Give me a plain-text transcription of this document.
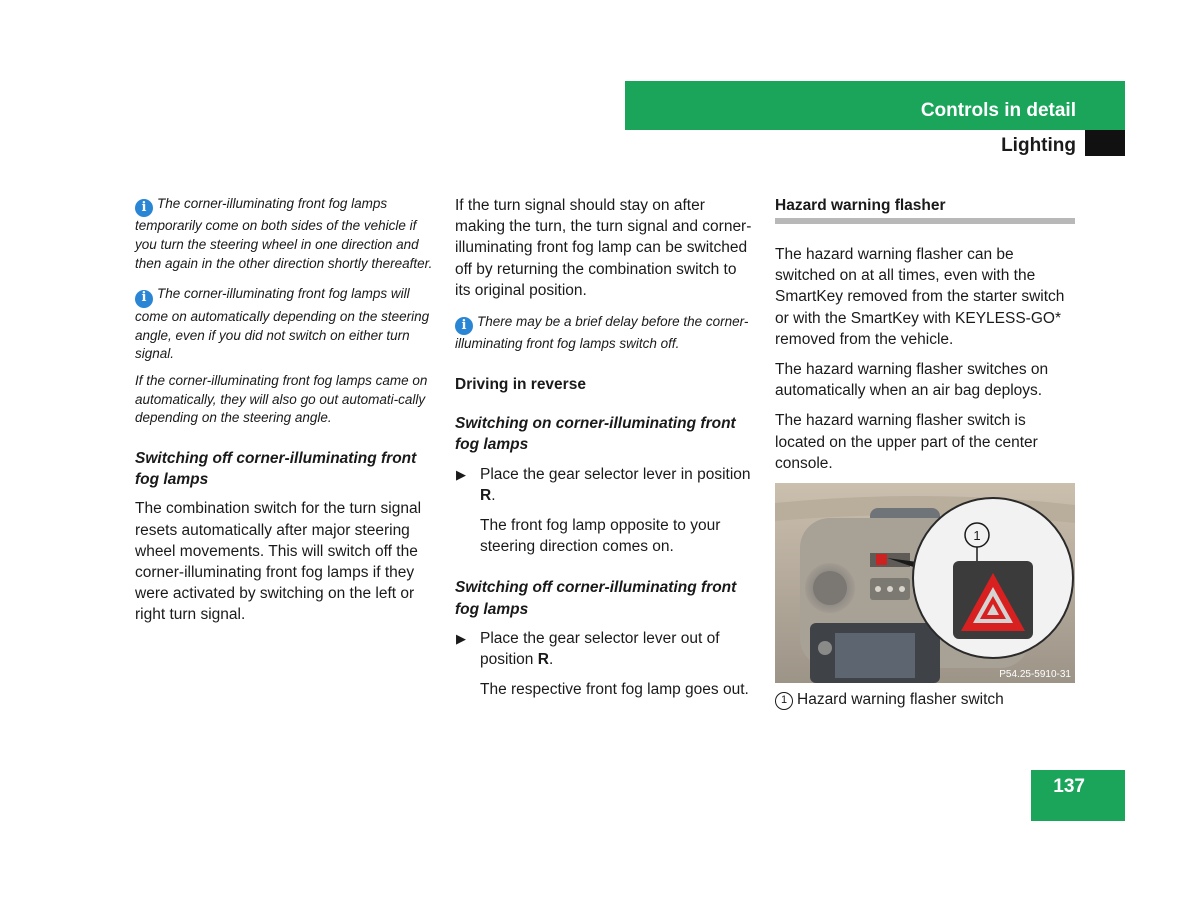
Controls in detail
Lighting

i The corner-illuminating front fog lamps temporarily come on both sides of the vehicle if you turn the steering wheel in one direction and then again in the other direction shortly thereafter.

i The corner-illuminating front fog lamps will come on automatically depending on the steering angle, even if you did not switch on either turn signal.

If the corner-illuminating front fog lamps came on automatically, they will also go out automati-cally depending on the steering angle.

Switching off corner-illuminating front fog lamps

The combination switch for the turn signal resets automatically after major steering wheel movements. This will switch off the corner-illuminating front fog lamps if they were activated by switching on the left or right turn signal.

If the turn signal should stay on after making the turn, the turn signal and corner-illuminating front fog lamp can be switched off by returning the combination switch to its original position.

i There may be a brief delay before the corner-illuminating front fog lamps switch off.

Driving in reverse
Switching on corner-illuminating front fog lamps
▶ Place the gear selector lever in position R.

The front fog lamp opposite to your steering direction comes on.

Switching off corner-illuminating front fog lamps
▶ Place the gear selector lever out of position R.

The respective front fog lamp goes out.

Hazard warning flasher

The hazard warning flasher can be switched on at all times, even with the SmartKey removed from the starter switch or with the SmartKey with KEYLESS-GO* removed from the vehicle.

The hazard warning flasher switches on automatically when an air bag deploys.

The hazard warning flasher switch is located on the upper part of the center console.

1
P54.25-5910-31
1 Hazard warning flasher switch
137
